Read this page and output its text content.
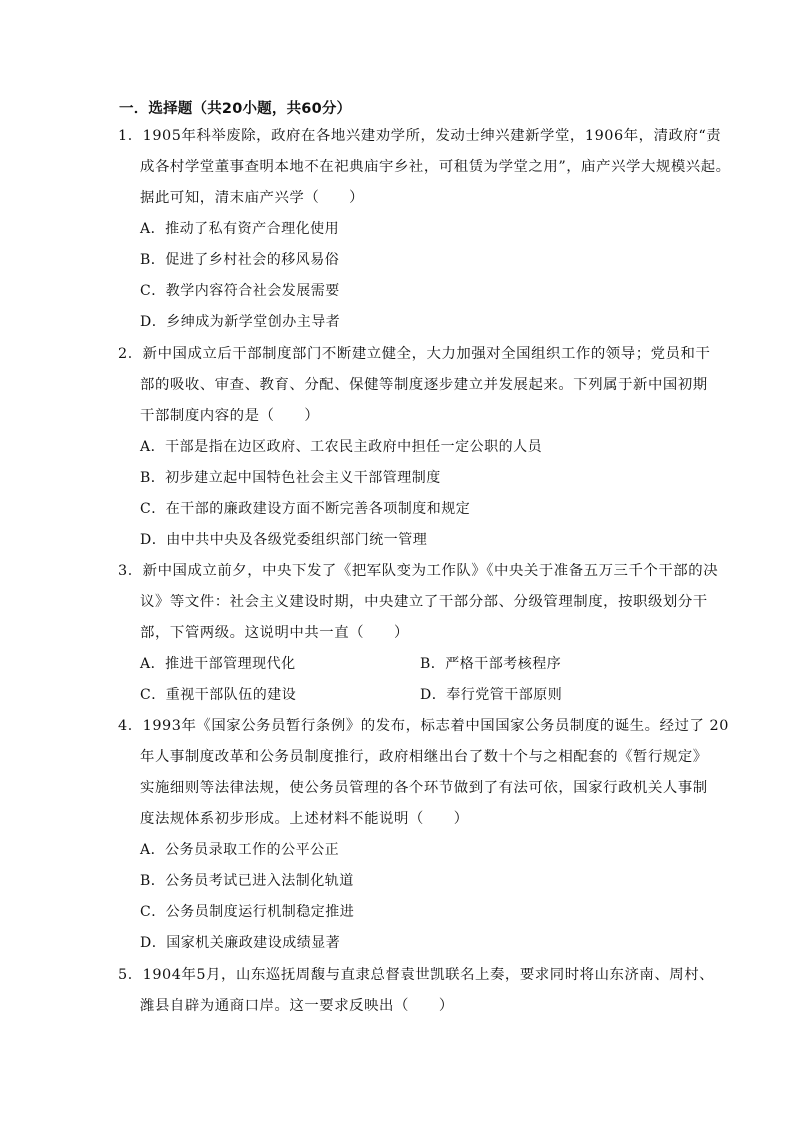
一．选择题（共20小题，共60分）
1．1905年科举废除，政府在各地兴建劝学所，发动士绅兴建新学堂，1906年，清政府“责
成各村学堂董事查明本地不在祀典庙宇乡社，可租赁为学堂之用”，庙产兴学大规模兴起。
据此可知，清末庙产兴学（　　）
A．推动了私有资产合理化使用
B．促进了乡村社会的移风易俗
C．教学内容符合社会发展需要
D．乡绅成为新学堂创办主导者
2．新中国成立后干部制度部门不断建立健全，大力加强对全国组织工作的领导；党员和干
部的吸收、审查、教育、分配、保健等制度逐步建立并发展起来。下列属于新中国初期
干部制度内容的是（　　）
A．干部是指在边区政府、工农民主政府中担任一定公职的人员
B．初步建立起中国特色社会主义干部管理制度
C．在干部的廉政建设方面不断完善各项制度和规定
D．由中共中央及各级党委组织部门统一管理
3．新中国成立前夕，中央下发了《把军队变为工作队》《中央关于准备五万三千个干部的决
议》等文件：社会主义建设时期，中央建立了干部分部、分级管理制度，按职级划分干
部，下管两级。这说明中共一直（　　）
A．推进干部管理现代化	B．严格干部考核程序
C．重视干部队伍的建设	D．奉行党管干部原则
4．1993年《国家公务员暂行条例》的发布，标志着中国国家公务员制度的诞生。经过了 20
年人事制度改革和公务员制度推行，政府相继出台了数十个与之相配套的《暂行规定》
实施细则等法律法规，使公务员管理的各个环节做到了有法可依，国家行政机关人事制
度法规体系初步形成。上述材料不能说明（　　）
A．公务员录取工作的公平公正
B．公务员考试已进入法制化轨道
C．公务员制度运行机制稳定推进
D．国家机关廉政建设成绩显著
5．1904年5月，山东巡抚周馥与直隶总督袁世凯联名上奏，要求同时将山东济南、周村、
潍县自辟为通商口岸。这一要求反映出（　　）
